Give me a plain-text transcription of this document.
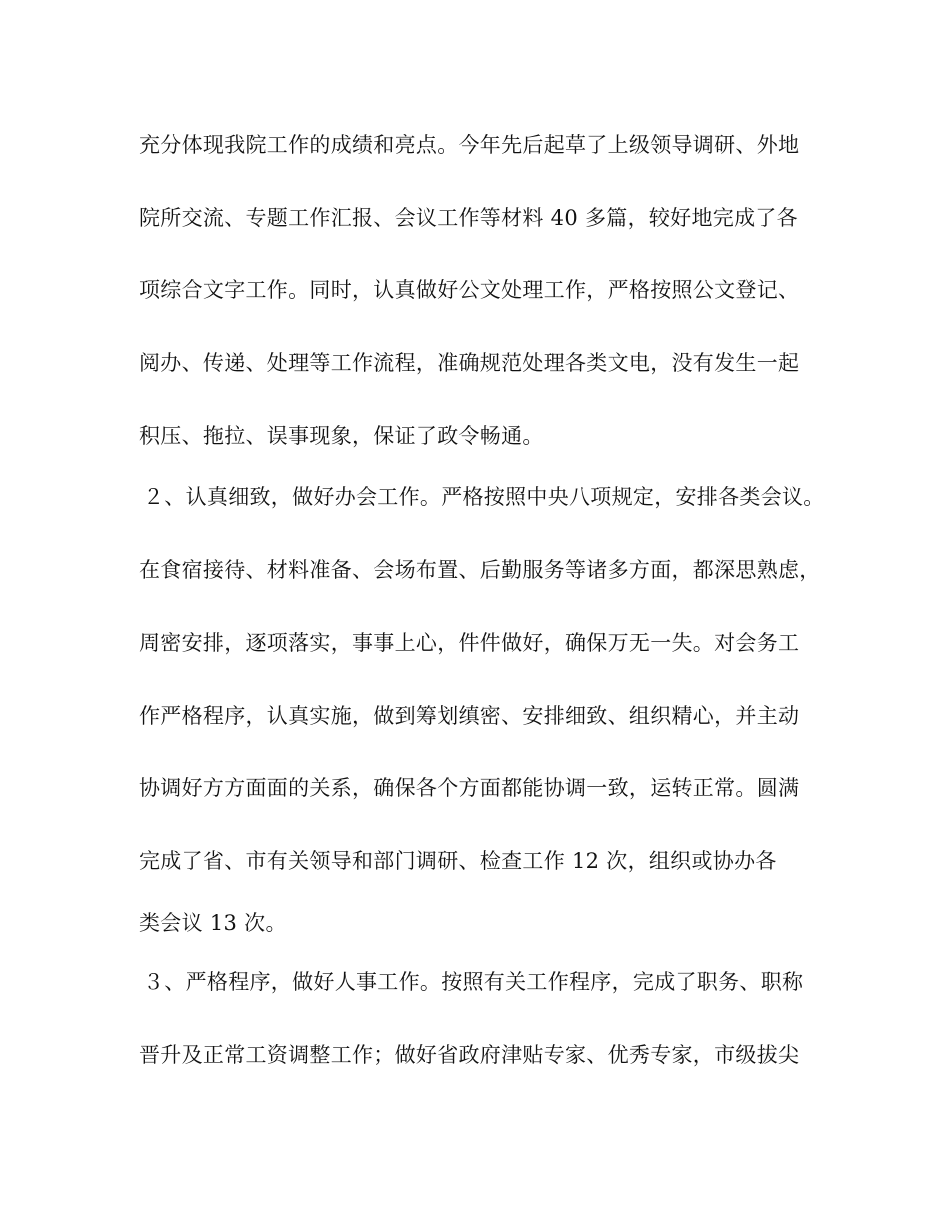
充分体现我院工作的成绩和亮点。今年先后起草了上级领导调研、外地
院所交流、专题工作汇报、会议工作等材料 40 多篇，较好地完成了各
项综合文字工作。同时，认真做好公文处理工作，严格按照公文登记、
阅办、传递、处理等工作流程，准确规范处理各类文电，没有发生一起
积压、拖拉、误事现象，保证了政令畅通。
２、认真细致，做好办会工作。严格按照中央八项规定，安排各类会议。
在食宿接待、材料准备、会场布置、后勤服务等诸多方面，都深思熟虑，
周密安排，逐项落实，事事上心，件件做好，确保万无一失。对会务工
作严格程序，认真实施，做到筹划缜密、安排细致、组织精心，并主动
协调好方方面面的关系，确保各个方面都能协调一致，运转正常。圆满
完成了省、市有关领导和部门调研、检查工作 12 次，组织或协办各
类会议 13 次。
３、严格程序，做好人事工作。按照有关工作程序，完成了职务、职称
晋升及正常工资调整工作；做好省政府津贴专家、优秀专家，市级拔尖
